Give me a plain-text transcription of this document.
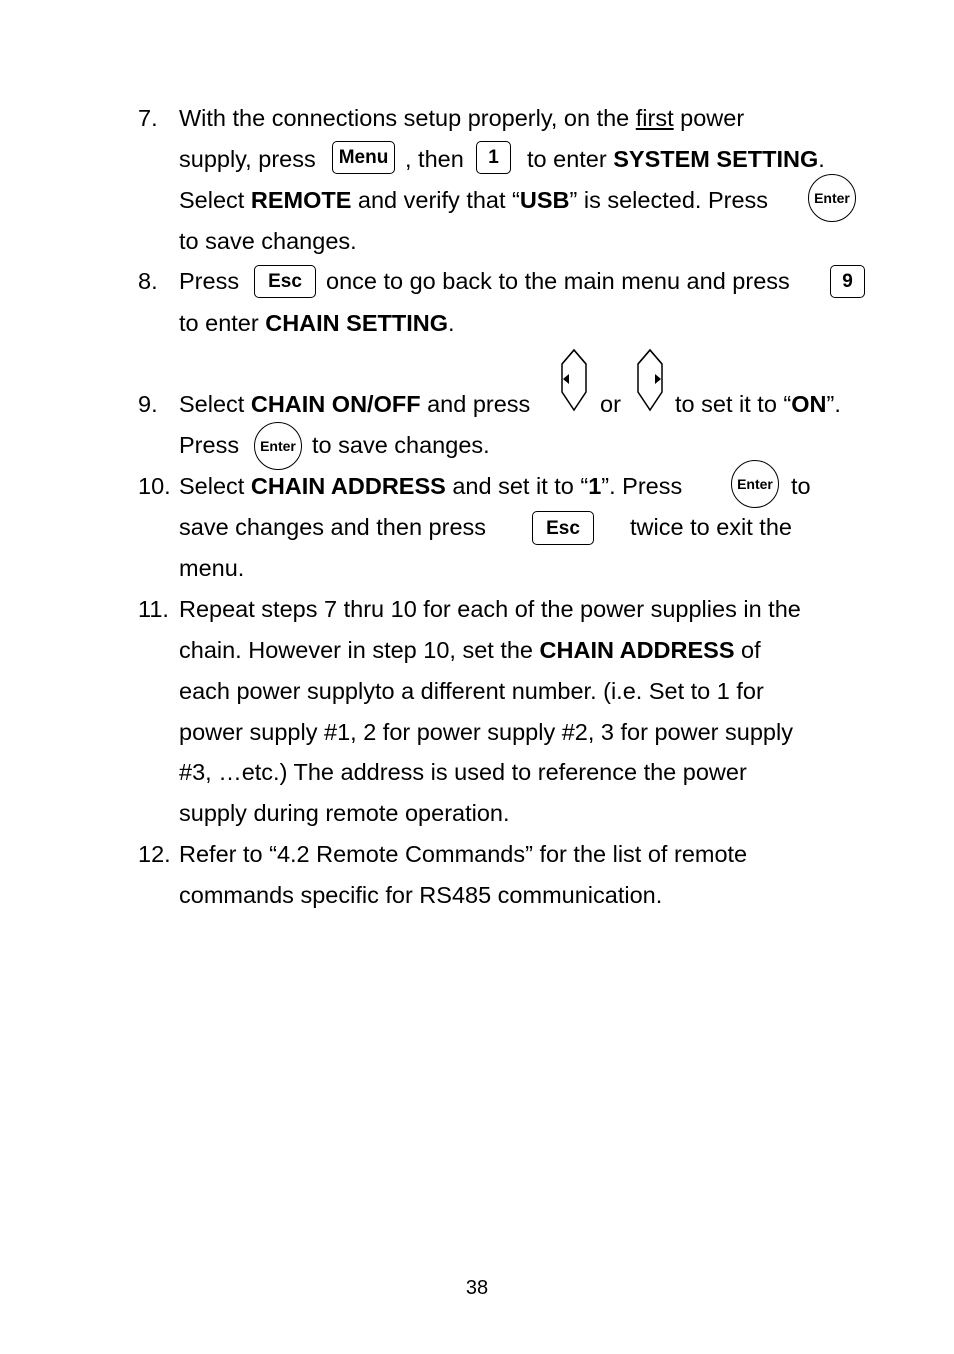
7. With the connections setup properly, on the first power
supply, press	Menu , then	1	to enter SYSTEM SETTING.
Select REMOTE and verify that “USB” is selected. Press	Enter
to save changes.
8. Press	Esc	once to go back to the main menu and press	9
to enter CHAIN SETTING.
9. Select CHAIN ON/OFF and press	or to set it to “ON”.
Press	Enter to save changes.
10. Select CHAIN ADDRESS and set it to “1”. Press	Enter to
save changes and then press	Esc	twice to exit the
menu.
11. Repeat steps 7 thru 10 for each of the power supplies in the
chain. However in step 10, set the CHAIN ADDRESS of
each power supplyto a different number. (i.e. Set to 1 for
power supply #1, 2 for power supply #2, 3 for power supply
#3, …etc.) The address is used to reference the power
supply during remote operation.
12. Refer to “4.2 Remote Commands” for the list of remote
commands specific for RS485 communication.
38
